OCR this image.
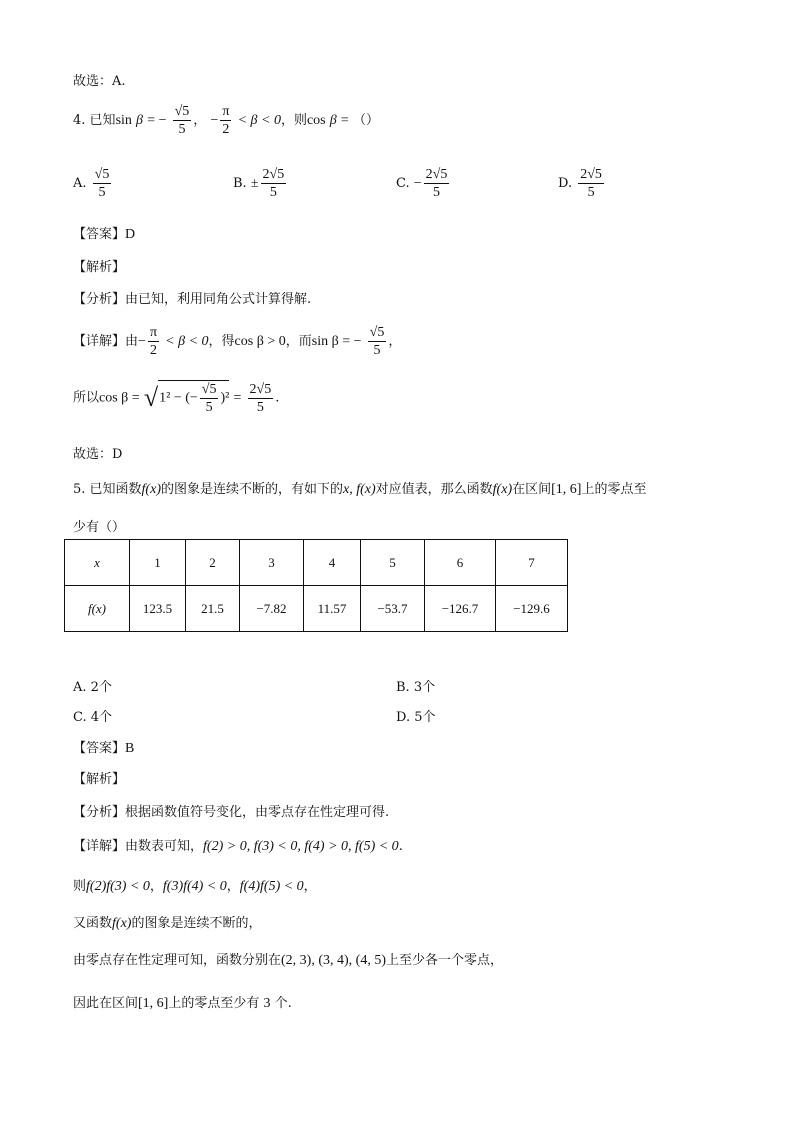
故选：A.
4. 已知sin β = − $\frac{√5}{5}$ ， − $\frac{\pi}{2} < \beta < 0$，则cos β = （）
A. $\frac{√5}{5}$	B. ± $\frac{2√5}{5}$	C. − $\frac{2√5}{5}$	D. $\frac{2√5}{5}$
【答案】D
【解析】
【分析】由已知，利用同角公式计算得解.
【详解】由− $\frac{\pi}{2} < \beta < 0$，得cos β > 0，而sin β = − $\frac{√5}{5}$ ，
所以cos β = √1² − (− $\frac{√5}{5} )^2 = \frac{2√5}{5}$ .
故选：D
5. 已知函数f(x)的图象是连续不断的，有如下的x, f(x)对应值表，那么函数f(x)在区间[1, 6]上的零点至
少有（）
x	1	2	3	4	5	6	7
f(x)	123.5	21.5	−7.82	11.57	−53.7	−126.7	−129.6
A. 2个	B. 3个
C. 4个	D. 5个
【答案】B
【解析】
【分析】根据函数值符号变化，由零点存在性定理可得.
【详解】由数表可知，f(2) > 0, f(3) < 0, f(4) > 0, f(5) < 0.
则f(2)f(3) < 0，f(3)f(4) < 0，f(4)f(5) < 0，
又函数f(x)的图象是连续不断的，
由零点存在性定理可知，函数分别在(2, 3), (3, 4), (4, 5)上至少各一个零点，
因此在区间[1, 6]上的零点至少有 3 个.
